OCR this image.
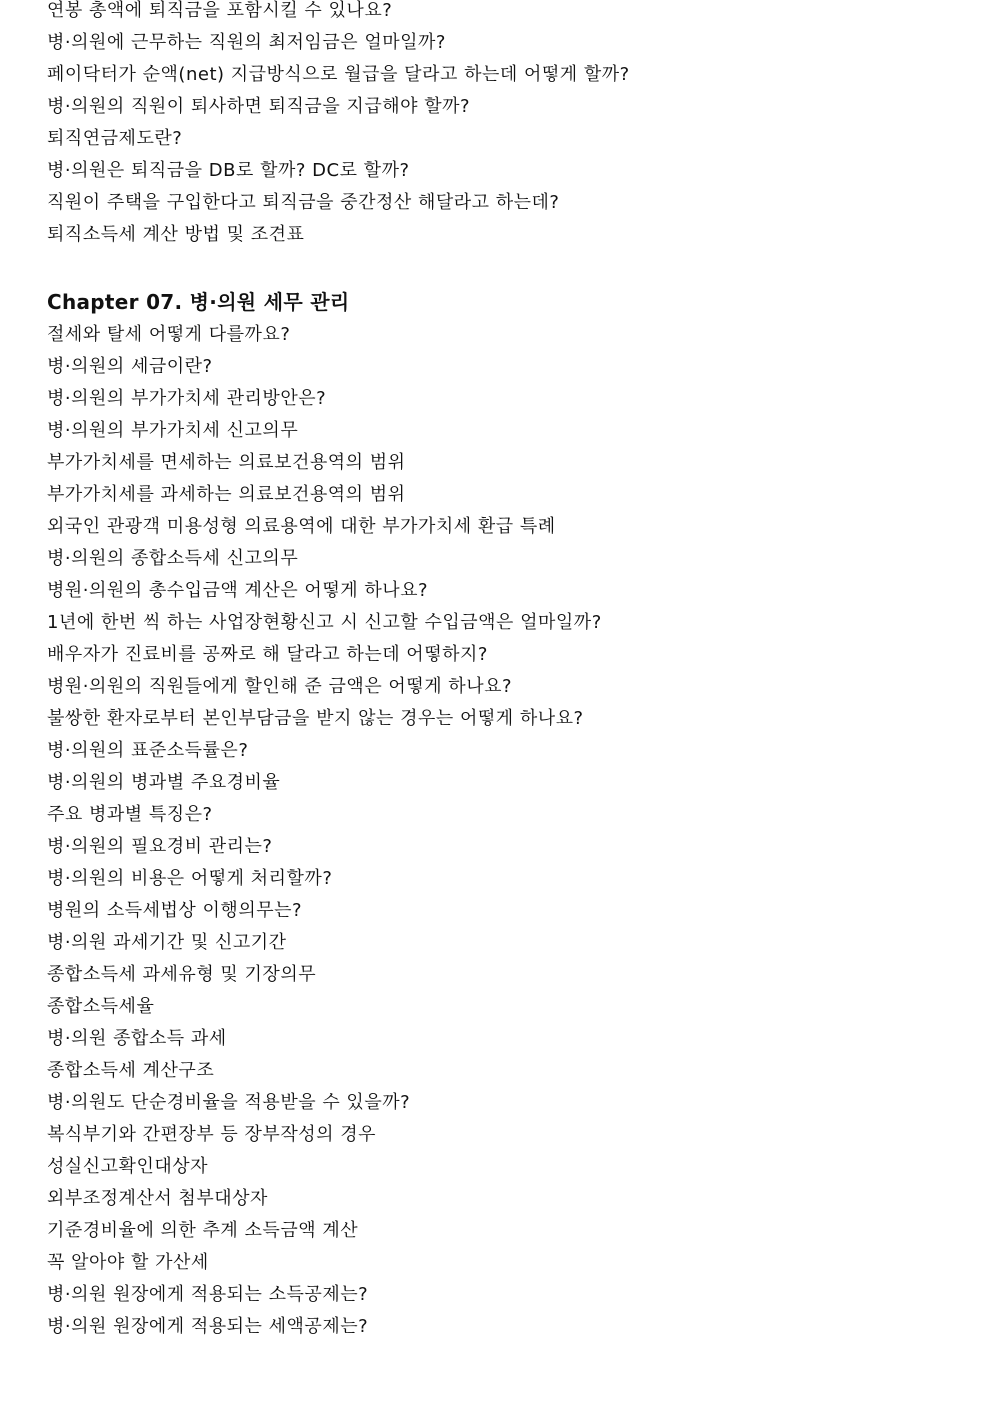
연봉 총액에 퇴직금을 포함시킬 수 있나요?
병·의원에 근무하는 직원의 최저임금은 얼마일까?
페이닥터가 순액(net) 지급방식으로 월급을 달라고 하는데 어떻게 할까?
병·의원의 직원이 퇴사하면 퇴직금을 지급해야 할까?
퇴직연금제도란?
병·의원은 퇴직금을 DB로 할까? DC로 할까?
직원이 주택을 구입한다고 퇴직금을 중간정산 해달라고 하는데?
퇴직소득세 계산 방법 및 조견표
Chapter 07. 병·의원 세무 관리
절세와 탈세 어떻게 다를까요?
병·의원의 세금이란?
병·의원의 부가가치세 관리방안은?
병·의원의 부가가치세 신고의무
부가가치세를 면세하는 의료보건용역의 범위
부가가치세를 과세하는 의료보건용역의 범위
외국인 관광객 미용성형 의료용역에 대한 부가가치세 환급 특례
병·의원의 종합소득세 신고의무
병원·의원의 총수입금액 계산은 어떻게 하나요?
1년에 한번 씩 하는 사업장현황신고 시 신고할 수입금액은 얼마일까?
배우자가 진료비를 공짜로 해 달라고 하는데 어떻하지?
병원·의원의 직원들에게 할인해 준 금액은 어떻게 하나요?
불쌍한 환자로부터 본인부담금을 받지 않는 경우는 어떻게 하나요?
병·의원의 표준소득률은?
병·의원의 병과별 주요경비율
주요 병과별 특징은?
병·의원의 필요경비 관리는?
병·의원의 비용은 어떻게 처리할까?
병원의 소득세법상 이행의무는?
병·의원 과세기간 및 신고기간
종합소득세 과세유형 및 기장의무
종합소득세율
병·의원 종합소득 과세
종합소득세 계산구조
병·의원도 단순경비율을 적용받을 수 있을까?
복식부기와 간편장부 등 장부작성의 경우
성실신고확인대상자
외부조정계산서 첨부대상자
기준경비율에 의한 추계 소득금액 계산
꼭 알아야 할 가산세
병·의원 원장에게 적용되는 소득공제는?
병·의원 원장에게 적용되는 세액공제는?
